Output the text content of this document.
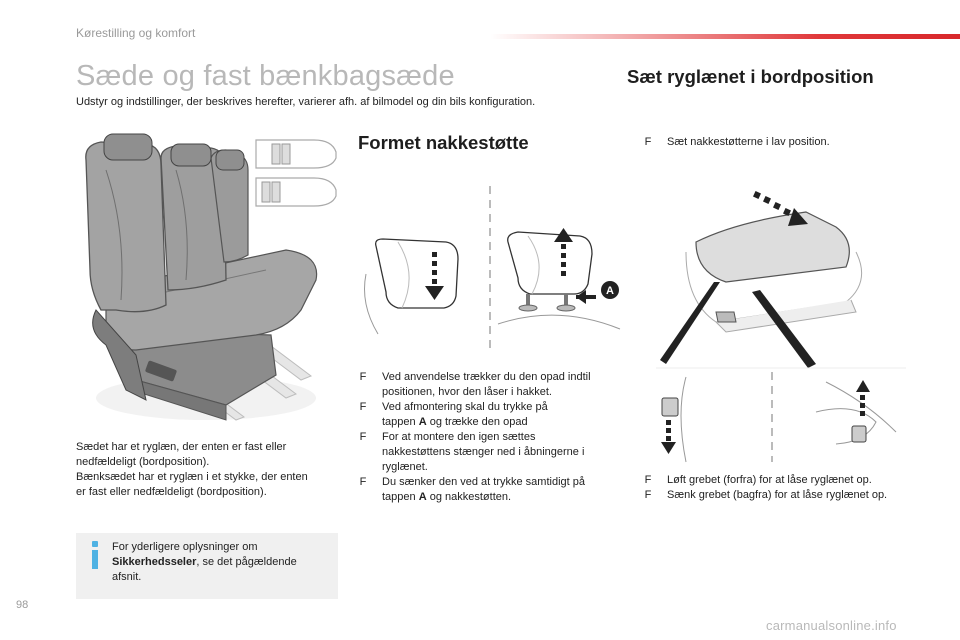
Kørestilling og komfort
Sæde og fast bænkbagsæde
Udstyr og indstillinger, der beskrives herefter, varierer afh. af bilmodel og din bils konfiguration.
Sæt ryglænet i bordposition
Sædet har et ryglæn, der enten er fast eller
nedfældeligt (bordposition).
Bænksædet har et ryglæn i et stykke, der enten
er fast eller nedfældeligt (bordposition).
For yderligere oplysninger om
Sikkerhedsseler, se det pågældende
afsnit.
Formet nakkestøtte
A
F Ved anvendelse trækker du den opad indtil
positionen, hvor den låser i hakket.
F Ved afmontering skal du trykke på
tappen A og trække den opad
F For at montere den igen sættes
nakkestøttens stænger ned i åbningerne i
ryglænet.
F Du sænker den ved at trykke samtidigt på
tappen A og nakkestøtten.
F Sæt nakkestøtterne i lav position.
F Løft grebet (forfra) for at låse ryglænet op.
F Sænk grebet (bagfra) for at låse ryglænet op.
98
carmanualsonline.info
